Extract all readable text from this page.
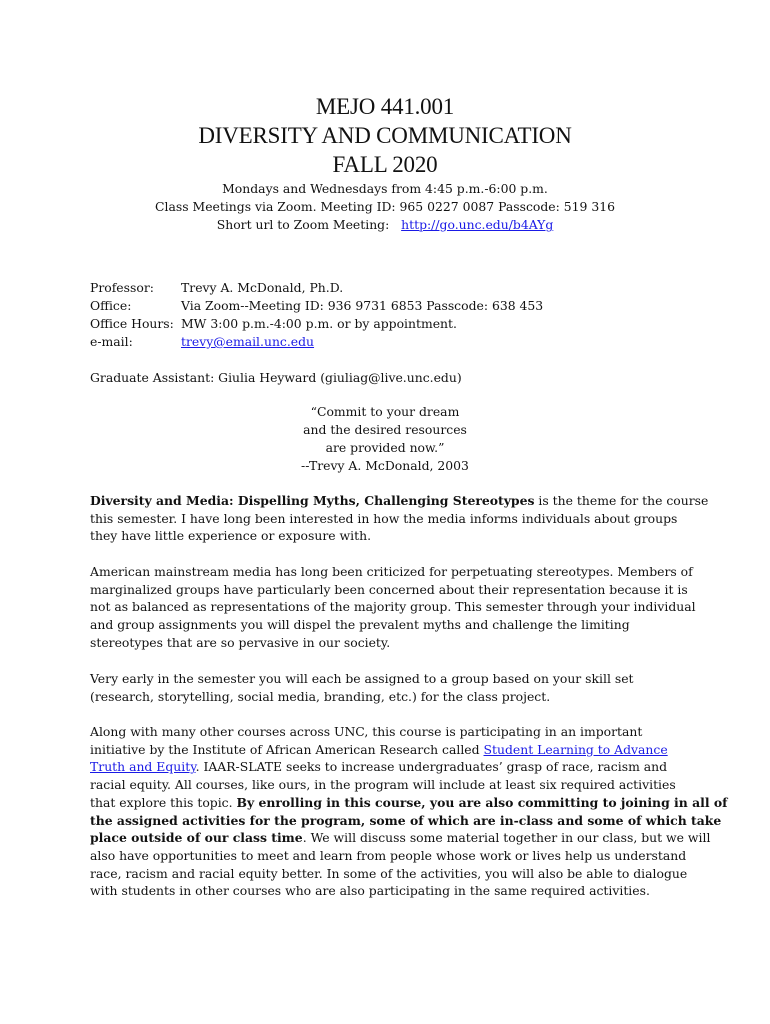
MEJO 441.001
DIVERSITY AND COMMUNICATION
FALL 2020
Mondays and Wednesdays from 4:45 p.m.-6:00 p.m.
Class Meetings via Zoom. Meeting ID: 965 0227 0087 Passcode: 519 316
Short url to Zoom Meeting: http://go.unc.edu/b4AYg
Professor:	Trevy A. McDonald, Ph.D.
Office:	Via Zoom--Meeting ID: 936 9731 6853 Passcode: 638 453
Office Hours: MW 3:00 p.m.-4:00 p.m. or by appointment.
e-mail:	trevy@email.unc.edu
Graduate Assistant: Giulia Heyward (giuliag@live.unc.edu)
“Commit to your dream
and the desired resources
are provided now.”
--Trevy A. McDonald, 2003
Diversity and Media: Dispelling Myths, Challenging Stereotypes is the theme for the course
this semester. I have long been interested in how the media informs individuals about groups
they have little experience or exposure with.
American mainstream media has long been criticized for perpetuating stereotypes. Members of
marginalized groups have particularly been concerned about their representation because it is
not as balanced as representations of the majority group. This semester through your individual
and group assignments you will dispel the prevalent myths and challenge the limiting
stereotypes that are so pervasive in our society.
Very early in the semester you will each be assigned to a group based on your skill set
(research, storytelling, social media, branding, etc.) for the class project.
Along with many other courses across UNC, this course is participating in an important
initiative by the Institute of African American Research called Student Learning to Advance
Truth and Equity. IAAR-SLATE seeks to increase undergraduates’ grasp of race, racism and
racial equity. All courses, like ours, in the program will include at least six required activities
that explore this topic. By enrolling in this course, you are also committing to joining in all of
the assigned activities for the program, some of which are in-class and some of which take
place outside of our class time. We will discuss some material together in our class, but we will
also have opportunities to meet and learn from people whose work or lives help us understand
race, racism and racial equity better. In some of the activities, you will also be able to dialogue
with students in other courses who are also participating in the same required activities.
